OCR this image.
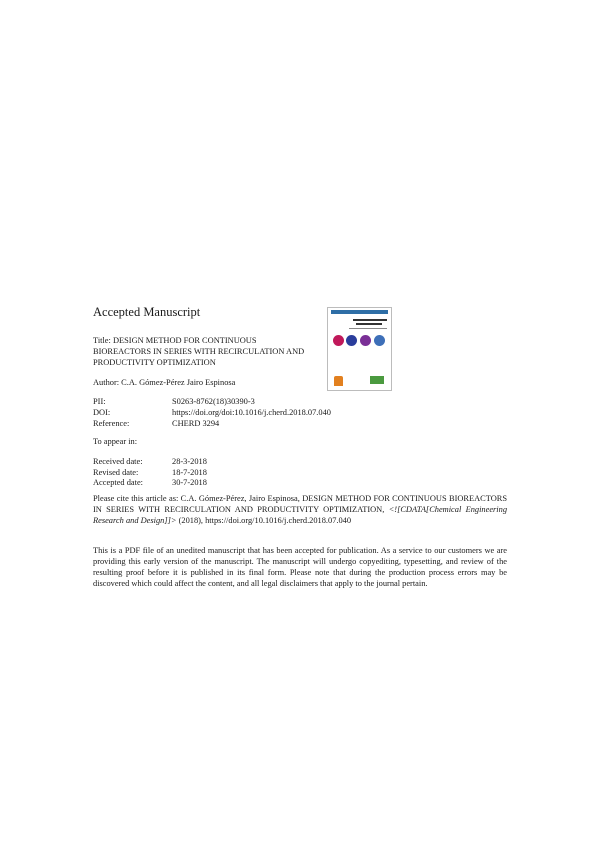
Accepted Manuscript
Title: DESIGN METHOD FOR CONTINUOUS BIOREACTORS IN SERIES WITH RECIRCULATION AND PRODUCTIVITY OPTIMIZATION
Author: C.A. Gómez-Pérez Jairo Espinosa
PII:	S0263-8762(18)30390-3
DOI:	https://doi.org/doi:10.1016/j.cherd.2018.07.040
Reference:	CHERD 3294
To appear in:
Received date:	28-3-2018
Revised date:	18-7-2018
Accepted date:	30-7-2018
Please cite this article as: C.A. Gómez-Pérez, Jairo Espinosa, DESIGN METHOD FOR CONTINUOUS BIOREACTORS IN SERIES WITH RECIRCULATION AND PRODUCTIVITY OPTIMIZATION, <![CDATA[Chemical Engineering Research and Design]]> (2018), https://doi.org/10.1016/j.cherd.2018.07.040
This is a PDF file of an unedited manuscript that has been accepted for publication. As a service to our customers we are providing this early version of the manuscript. The manuscript will undergo copyediting, typesetting, and review of the resulting proof before it is published in its final form. Please note that during the production process errors may be discovered which could affect the content, and all legal disclaimers that apply to the journal pertain.
